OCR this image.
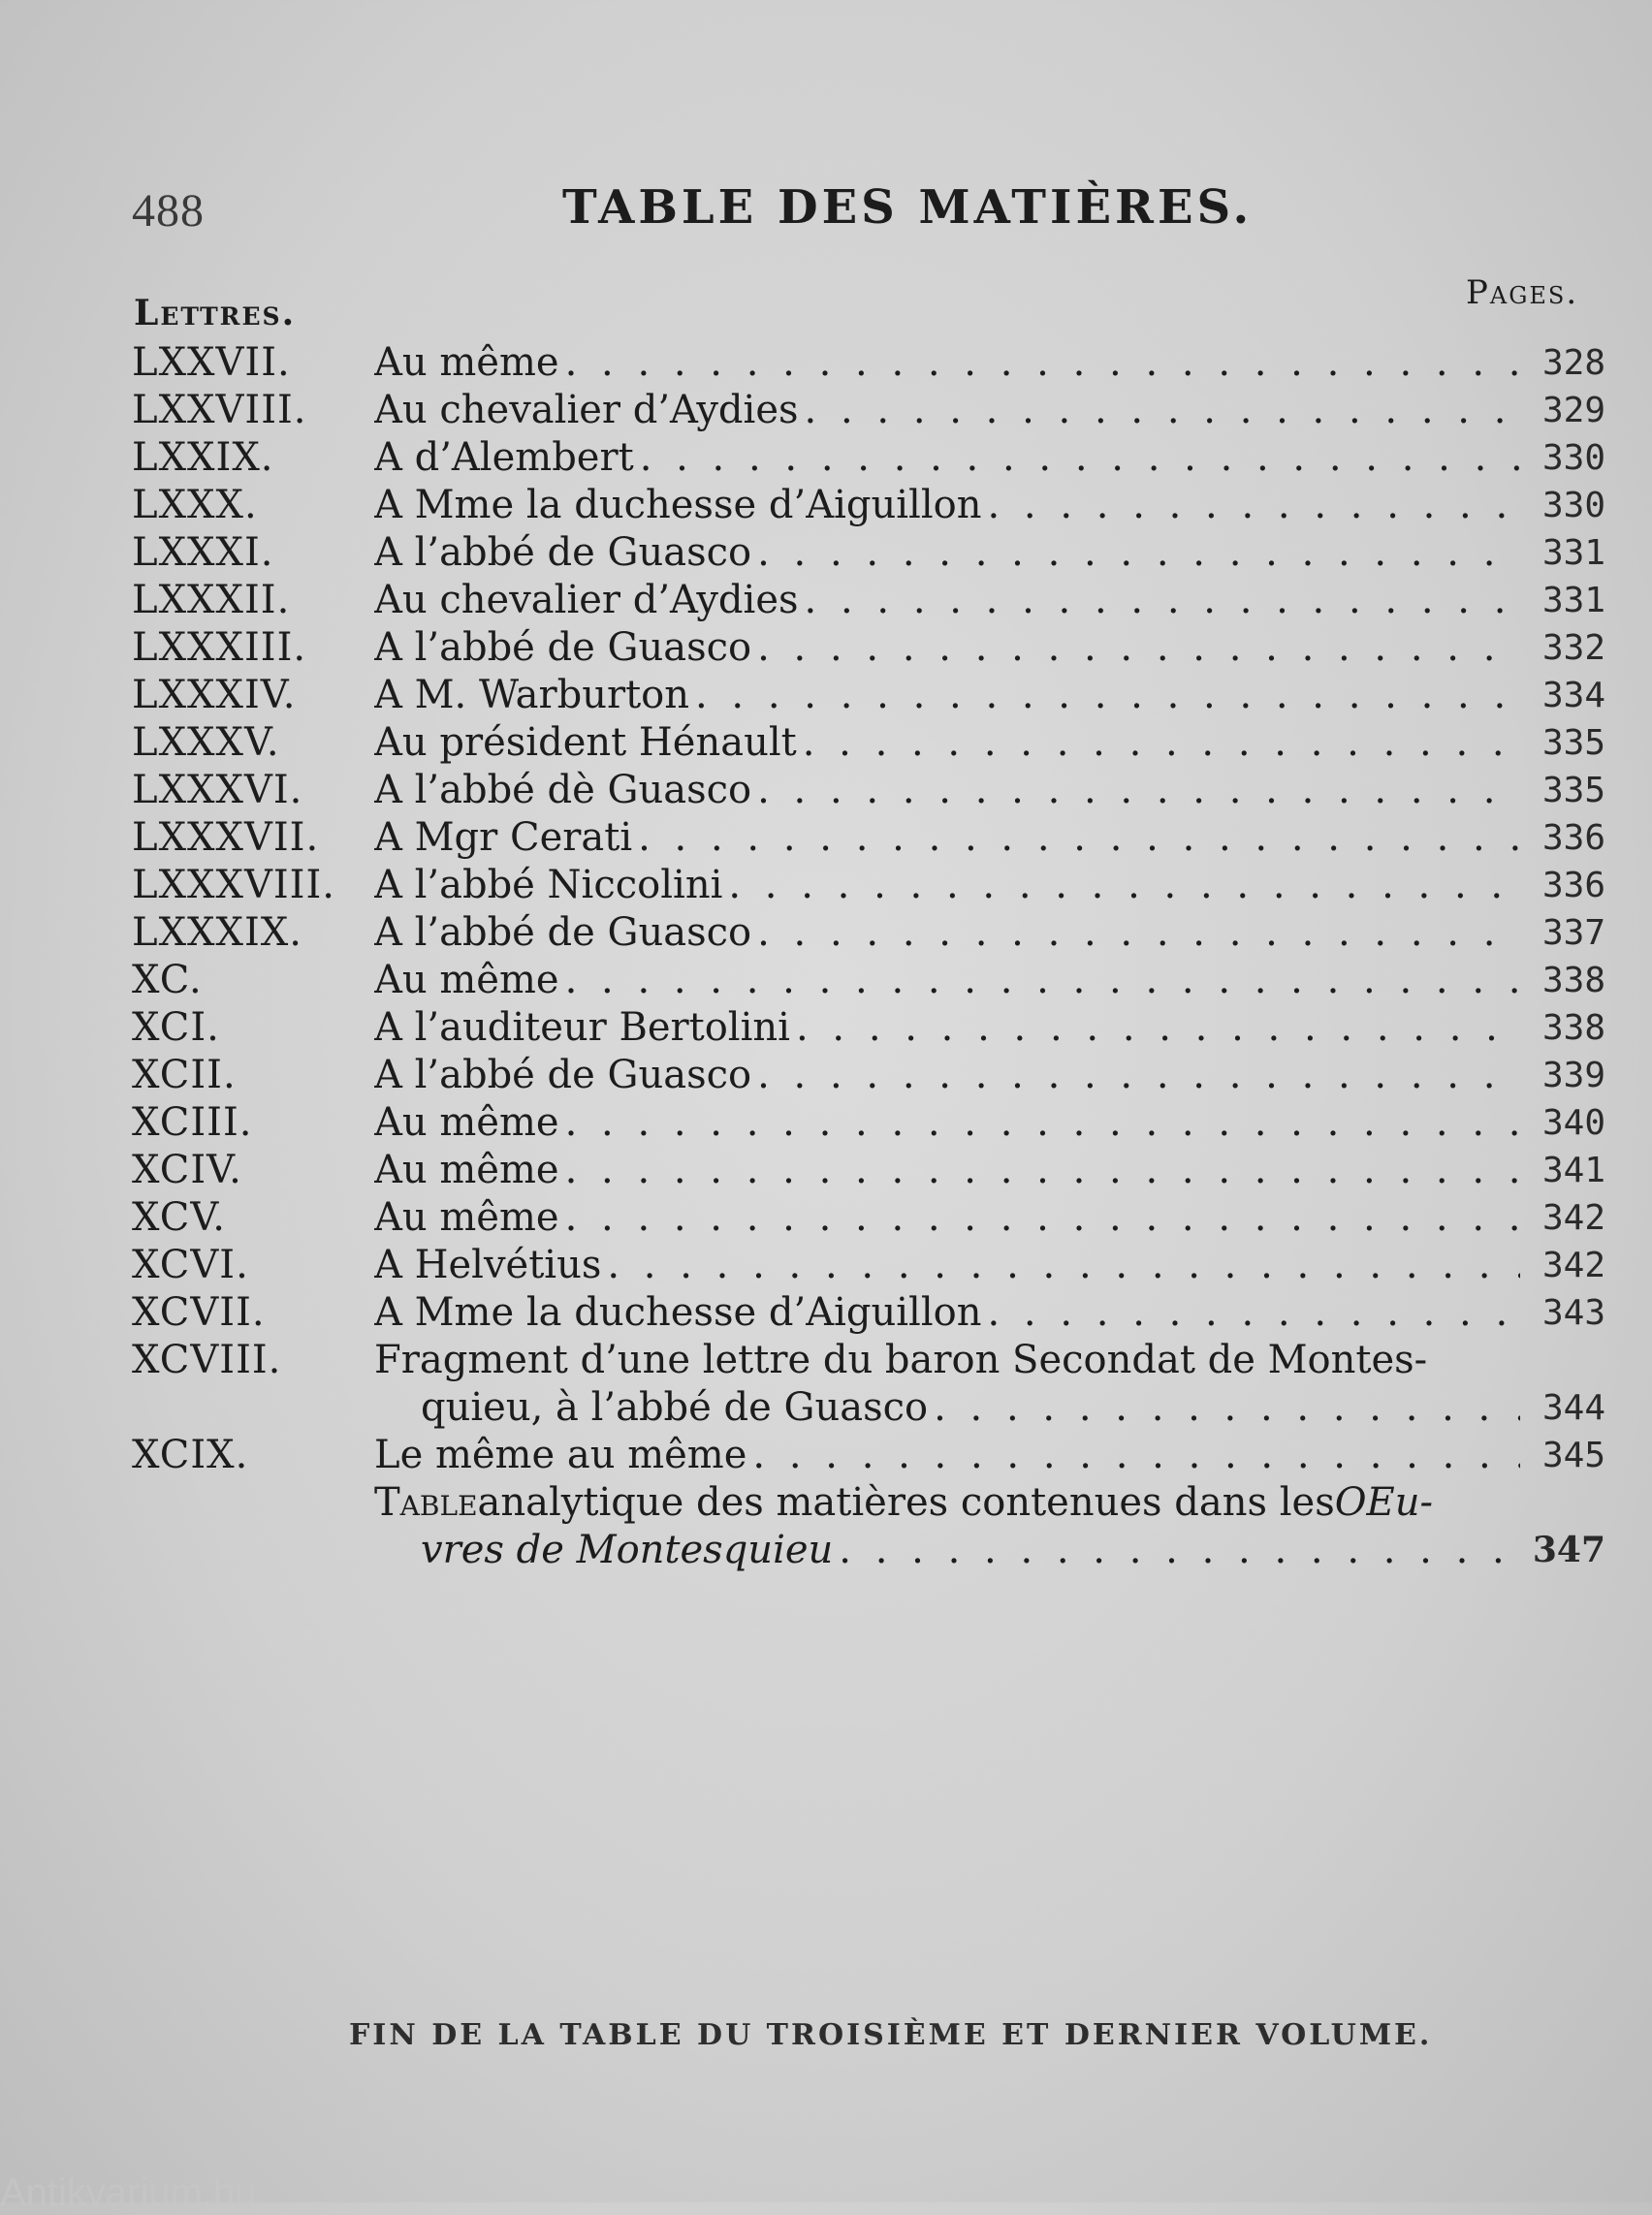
488	TABLE DES MATIÈRES.
Lettres.	Pages.
LXXVII.	Au même . . .	328
LXXVIII.	Au chevalier d’Aydies . . .	329
LXXIX.	A d’Alembert . . .	330
LXXX.	A Mme la duchesse d’Aiguillon . . .	330
LXXXI.	A l’abbé de Guasco . . .	331
LXXXII.	Au chevalier d’Aydies . . .	331
LXXXIII.	A l’abbé de Guasco . . .	332
LXXXIV.	A M. Warburton . . .	334
LXXXV.	Au président Hénault . . .	335
LXXXVI.	A l’abbé dè Guasco . . .	335
LXXXVII.	A Mgr Cerati . . .	336
LXXXVIII.	A l’abbé Niccolini . . .	336
LXXXIX.	A l’abbé de Guasco . . .	337
XC.	Au même . . .	338
XCI.	A l’auditeur Bertolini . . .	338
XCII.	A l’abbé de Guasco . . .	339
XCIII.	Au même . . .	340
XCIV.	Au même . . .	341
XCV.	Au même . . .	342
XCVI.	A Helvétius . . .	342
XCVII.	A Mme la duchesse d’Aiguillon . . .	343
XCVIII.	Fragment d’une lettre du baron Secondat de Montes-
quieu, à l’abbé de Guasco . . .	344
XCIX.	Le même au même . . .	345
Table analytique des matières contenues dans les OEu-
vres de Montesquieu . . .	347
FIN DE LA TABLE DU TROISIÈME ET DERNIER VOLUME.
Antikvarium.hu
